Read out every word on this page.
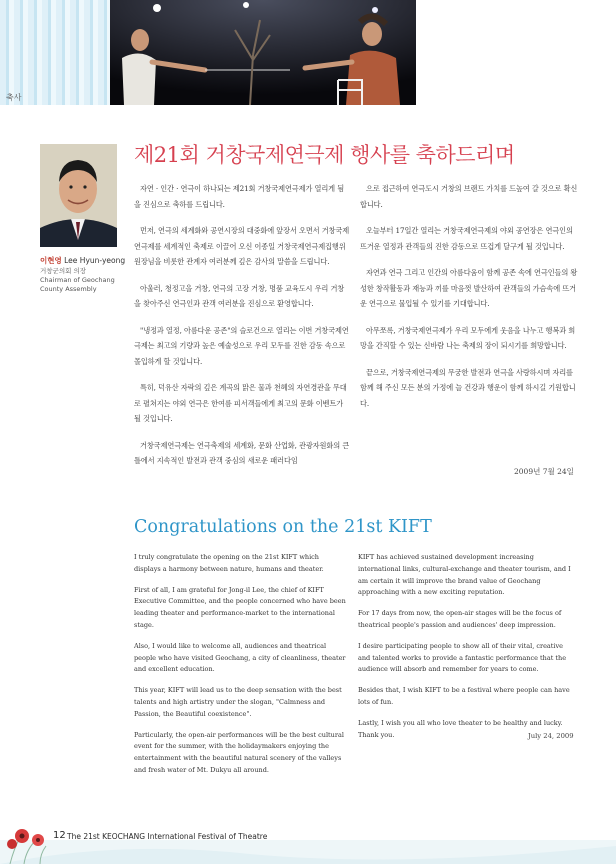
축사
이현영 Lee Hyun-yeong
거창군의회 의장
Chairman of Geochang
County Assembly
제21회 거창국제연극제 행사를 축하드리며

자연 · 인간 · 연극이 하나되는 제21회 거창국제연극제가 열리게 됨을 진심으로 축하를 드립니다.

먼저, 연극의 세계화와 공연시장의 대중화에 앞장서 오면서 거창국제연극제를 세계적인 축제로 이끌어 오신 이종일 거창국제연극제집행위원장님을 비롯한 관계자 여러분께 깊은 감사의 말씀을 드립니다.

아울러, 청정고을 거창, 연극의 고장 거창, 명품 교육도시 우리 거창을 찾아주신 연극인과 관객 여러분을 진심으로 환영합니다.

"냉정과 열정, 아름다운 공존"의 슬로건으로 열리는 이번 거창국제연극제는 최고의 기량과 높은 예술성으로 우리 모두를 진한 감동 속으로 몰입하게 할 것입니다.

특히, 덕유산 자락의 깊은 계곡의 맑은 물과 천혜의 자연경관을 무대로 펼쳐지는 야외 연극은 한여름 피서객들에게 최고의 문화 이벤트가 될 것입니다.

거창국제연극제는 연극축제의 세계화, 문화 산업화, 관광자원화의 큰 틀에서 지속적인 발전과 관객 중심의 새로운 패러다임

으로 접근하여 연극도시 거창의 브랜드 가치를 드높여 갈 것으로 확신합니다.

오늘부터 17일간 열리는 거창국제연극제의 야외 공연장은 연극인의 뜨거운 열정과 관객들의 진한 감동으로 뜨겁게 달구게 될 것입니다.

자연과 연극 그리고 인간의 아름다움이 함께 공존 속에 연극인들의 왕성한 창작활동과 재능과 끼를 마음껏 발산하여 관객들의 가슴속에 뜨거운 연극으로 물입될 수 있기를 기대합니다.

아무쪼록, 거창국제연극제가 우리 모두에게 웃음을 나누고 행복과 희망을 간직할 수 있는 신바람 나는 축제의 장이 되시기를 희망합니다.

끝으로, 거창국제연극제의 무궁한 발전과 연극을 사랑하시며 자리를 함께 해 주신 모든 분의 가정에 늘 건강과 행운이 함께 하시길 기원합니다.

2009년 7월 24일
Congratulations on the 21st KIFT

I truly congratulate the opening on the 21st KIFT which displays a harmony between nature, humans and theater.

First of all, I am grateful for Jong-il Lee, the chief of KIFT Executive Committee, and the people concerned who have been leading theater and performance-market to the international stage.

Also, I would like to welcome all, audiences and theatrical people who have visited Geochang, a city of cleanliness, theater and excellent education.

This year, KIFT will lead us to the deep sensation with the best talents and high artistry under the slogan, "Calmness and Passion, the Beautiful coexistence".

Particularly, the open-air performances will be the best cultural event for the summer, with the holidaymakers enjoying the entertainment with the beautiful natural scenery of the valleys and fresh water of Mt. Dukyu all around.

KIFT has achieved sustained development increasing international links, cultural-exchange and theater tourism, and I am certain it will improve the brand value of Geochang approaching with a new exciting reputation.

For 17 days from now, the open-air stages will be the focus of theatrical people's passion and audiences' deep impression.

I desire participating people to show all of their vital, creative and talented works to provide a fantastic performance that the audience will absorb and remember for years to come.

Besides that, I wish KIFT to be a festival where people can have lots of fun.

Lastly, I wish you all who love theater to be healthy and lucky. Thank you.	July 24, 2009
12 The 21st KEOCHANG International Festival of Theatre
